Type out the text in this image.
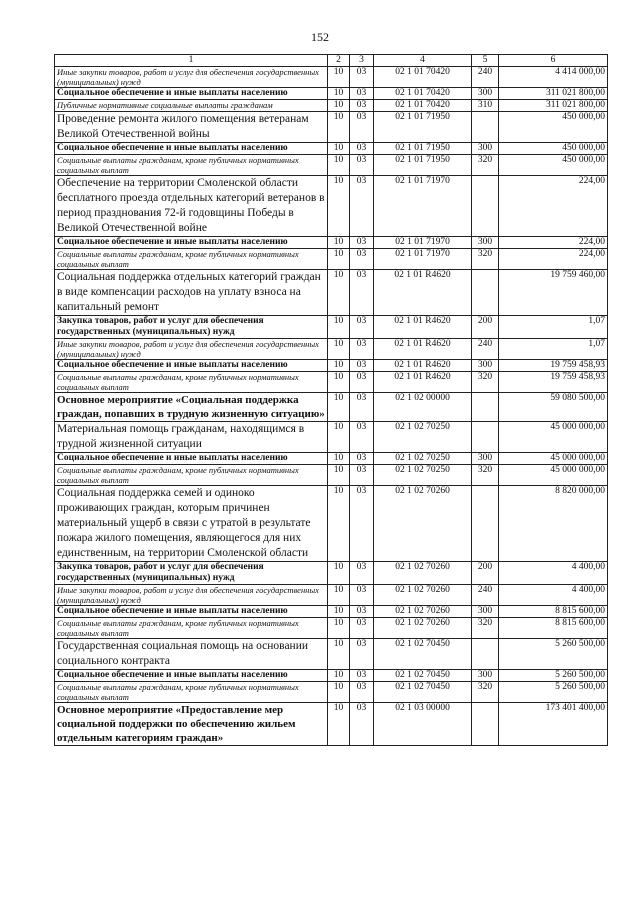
152
1	2	3	4	5	6
Иные закупки товаров, работ и услуг для обеспечения государственных (муниципальных) нужд	10	03	02 1 01 70420	240	4 414 000,00
Социальное обеспечение и иные выплаты населению	10	03	02 1 01 70420	300	311 021 800,00
Публичные нормативные социальные выплаты гражданам	10	03	02 1 01 70420	310	311 021 800,00
Проведение ремонта жилого помещения ветеранам Великой Отечественной войны	10	03	02 1 01 71950		450 000,00
Социальное обеспечение и иные выплаты населению	10	03	02 1 01 71950	300	450 000,00
Социальные выплаты гражданам, кроме публичных нормативных социальных выплат	10	03	02 1 01 71950	320	450 000,00
Обеспечение на территории Смоленской области бесплатного проезда отдельных категорий ветеранов в период празднования 72-й годовщины Победы в Великой Отечественной войне	10	03	02 1 01 71970		224,00
Социальное обеспечение и иные выплаты населению	10	03	02 1 01 71970	300	224,00
Социальные выплаты гражданам, кроме публичных нормативных социальных выплат	10	03	02 1 01 71970	320	224,00
Социальная поддержка отдельных категорий граждан в виде компенсации расходов на уплату взноса на капитальный ремонт	10	03	02 1 01 R4620		19 759 460,00
Закупка товаров, работ и услуг для обеспечения государственных (муниципальных) нужд	10	03	02 1 01 R4620	200	1,07
Иные закупки товаров, работ и услуг для обеспечения государственных (муниципальных) нужд	10	03	02 1 01 R4620	240	1,07
Социальное обеспечение и иные выплаты населению	10	03	02 1 01 R4620	300	19 759 458,93
Социальные выплаты гражданам, кроме публичных нормативных социальных выплат	10	03	02 1 01 R4620	320	19 759 458,93
Основное мероприятие «Социальная поддержка граждан, попавших в трудную жизненную ситуацию»	10	03	02 1 02 00000		59 080 500,00
Материальная помощь гражданам, находящимся в трудной жизненной ситуации	10	03	02 1 02 70250		45 000 000,00
Социальное обеспечение и иные выплаты населению	10	03	02 1 02 70250	300	45 000 000,00
Социальные выплаты гражданам, кроме публичных нормативных социальных выплат	10	03	02 1 02 70250	320	45 000 000,00
Социальная поддержка семей и одиноко проживающих граждан, которым причинен материальный ущерб в связи с утратой в результате пожара жилого помещения, являющегося для них единственным, на территории Смоленской области	10	03	02 1 02 70260		8 820 000,00
Закупка товаров, работ и услуг для обеспечения государственных (муниципальных) нужд	10	03	02 1 02 70260	200	4 400,00
Иные закупки товаров, работ и услуг для обеспечения государственных (муниципальных) нужд	10	03	02 1 02 70260	240	4 400,00
Социальное обеспечение и иные выплаты населению	10	03	02 1 02 70260	300	8 815 600,00
Социальные выплаты гражданам, кроме публичных нормативных социальных выплат	10	03	02 1 02 70260	320	8 815 600,00
Государственная социальная помощь на основании социального контракта	10	03	02 1 02 70450		5 260 500,00
Социальное обеспечение и иные выплаты населению	10	03	02 1 02 70450	300	5 260 500,00
Социальные выплаты гражданам, кроме публичных нормативных социальных выплат	10	03	02 1 02 70450	320	5 260 500,00
Основное мероприятие «Предоставление мер социальной поддержки по обеспечению жильем отдельным категориям граждан»	10	03	02 1 03 00000		173 401 400,00
